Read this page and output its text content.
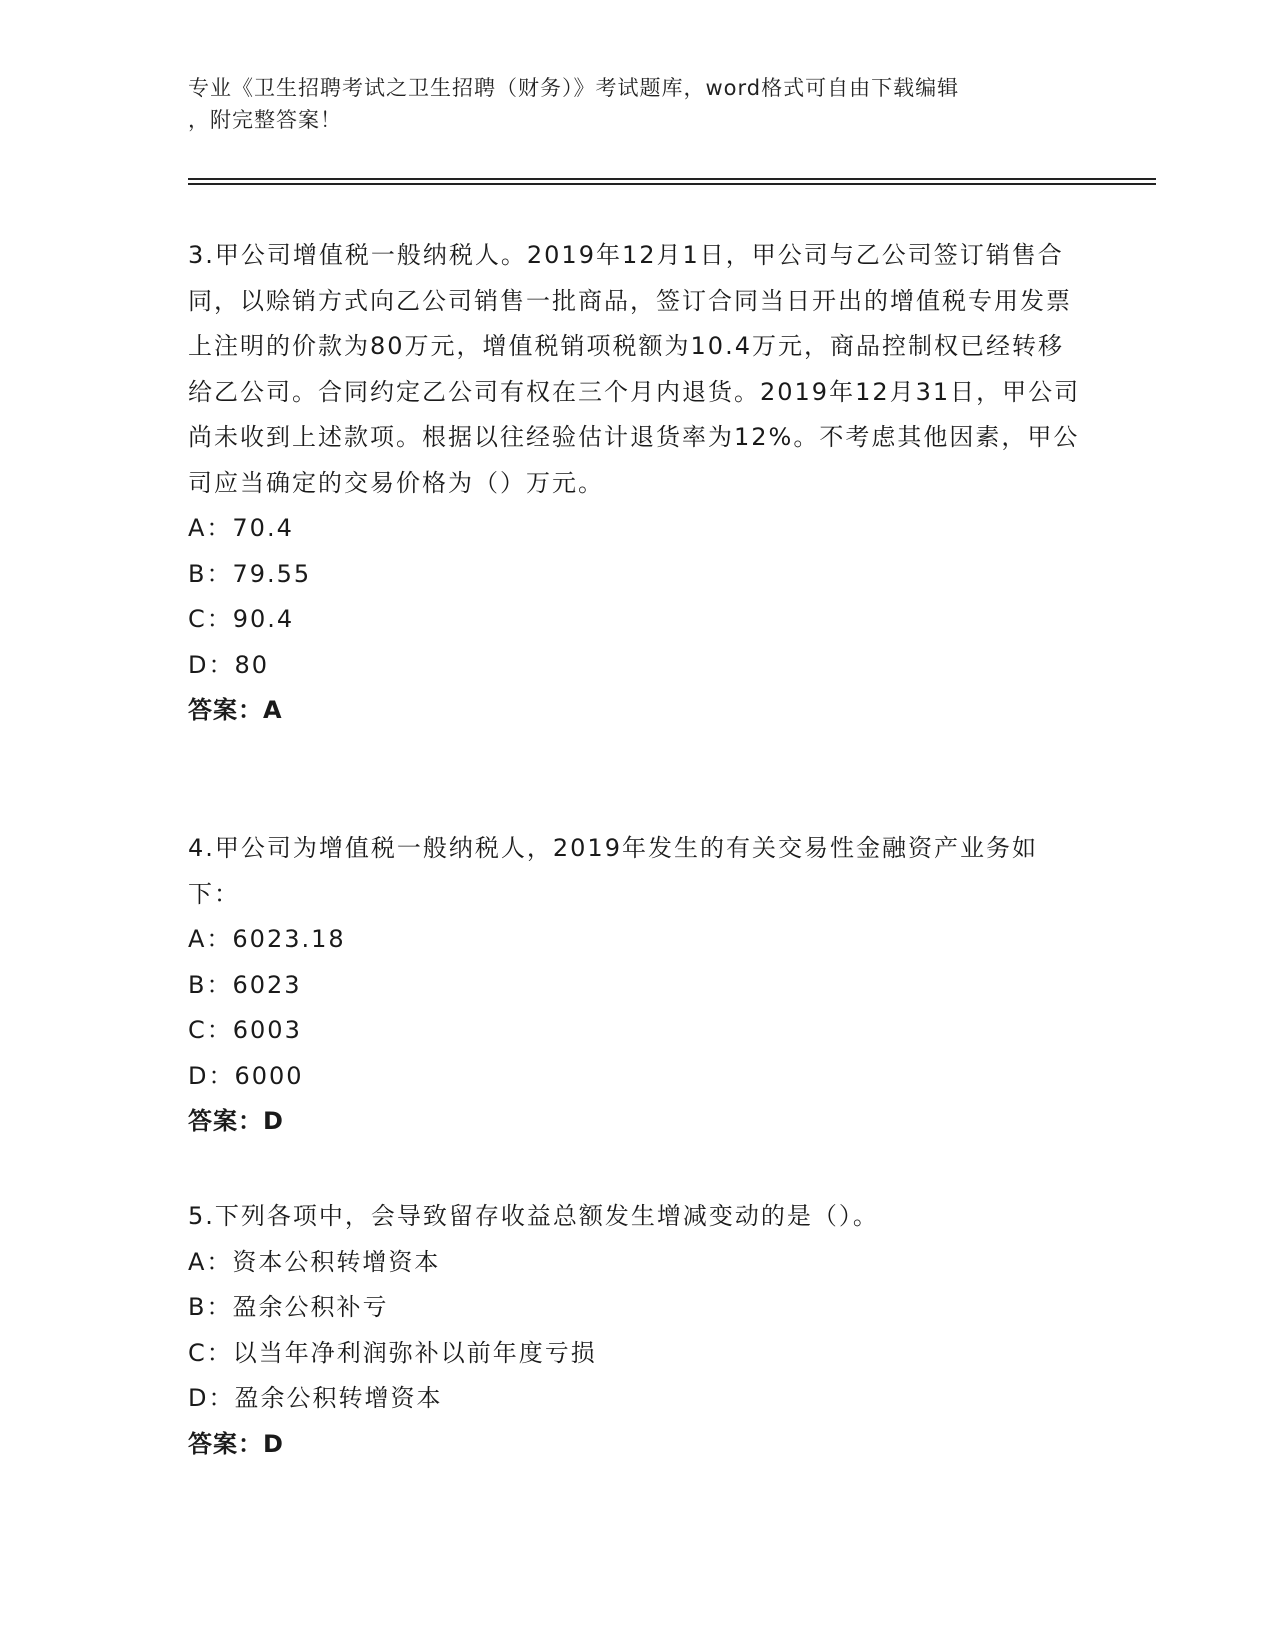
专业《卫生招聘考试之卫生招聘（财务）》考试题库，word格式可自由下载编辑

，附完整答案！

3.甲公司增值税一般纳税人。2019年12月1日，甲公司与乙公司签订销售合同，以赊销方式向乙公司销售一批商品，签订合同当日开出的增值税专用发票上注明的价款为80万元，增值税销项税额为10.4万元，商品控制权已经转移给乙公司。合同约定乙公司有权在三个月内退货。2019年12月31日，甲公司尚未收到上述款项。根据以往经验估计退货率为12%。不考虑其他因素，甲公司应当确定的交易价格为（）万元。

A：70.4

B：79.55

C：90.4

D：80

答案：A

4.甲公司为增值税一般纳税人，2019年发生的有关交易性金融资产业务如下：

A：6023.18

B：6023

C：6003

D：6000

答案：D

5.下列各项中，会导致留存收益总额发生增减变动的是（）。

A：资本公积转增资本

B：盈余公积补亏

C：以当年净利润弥补以前年度亏损

D：盈余公积转增资本

答案：D
